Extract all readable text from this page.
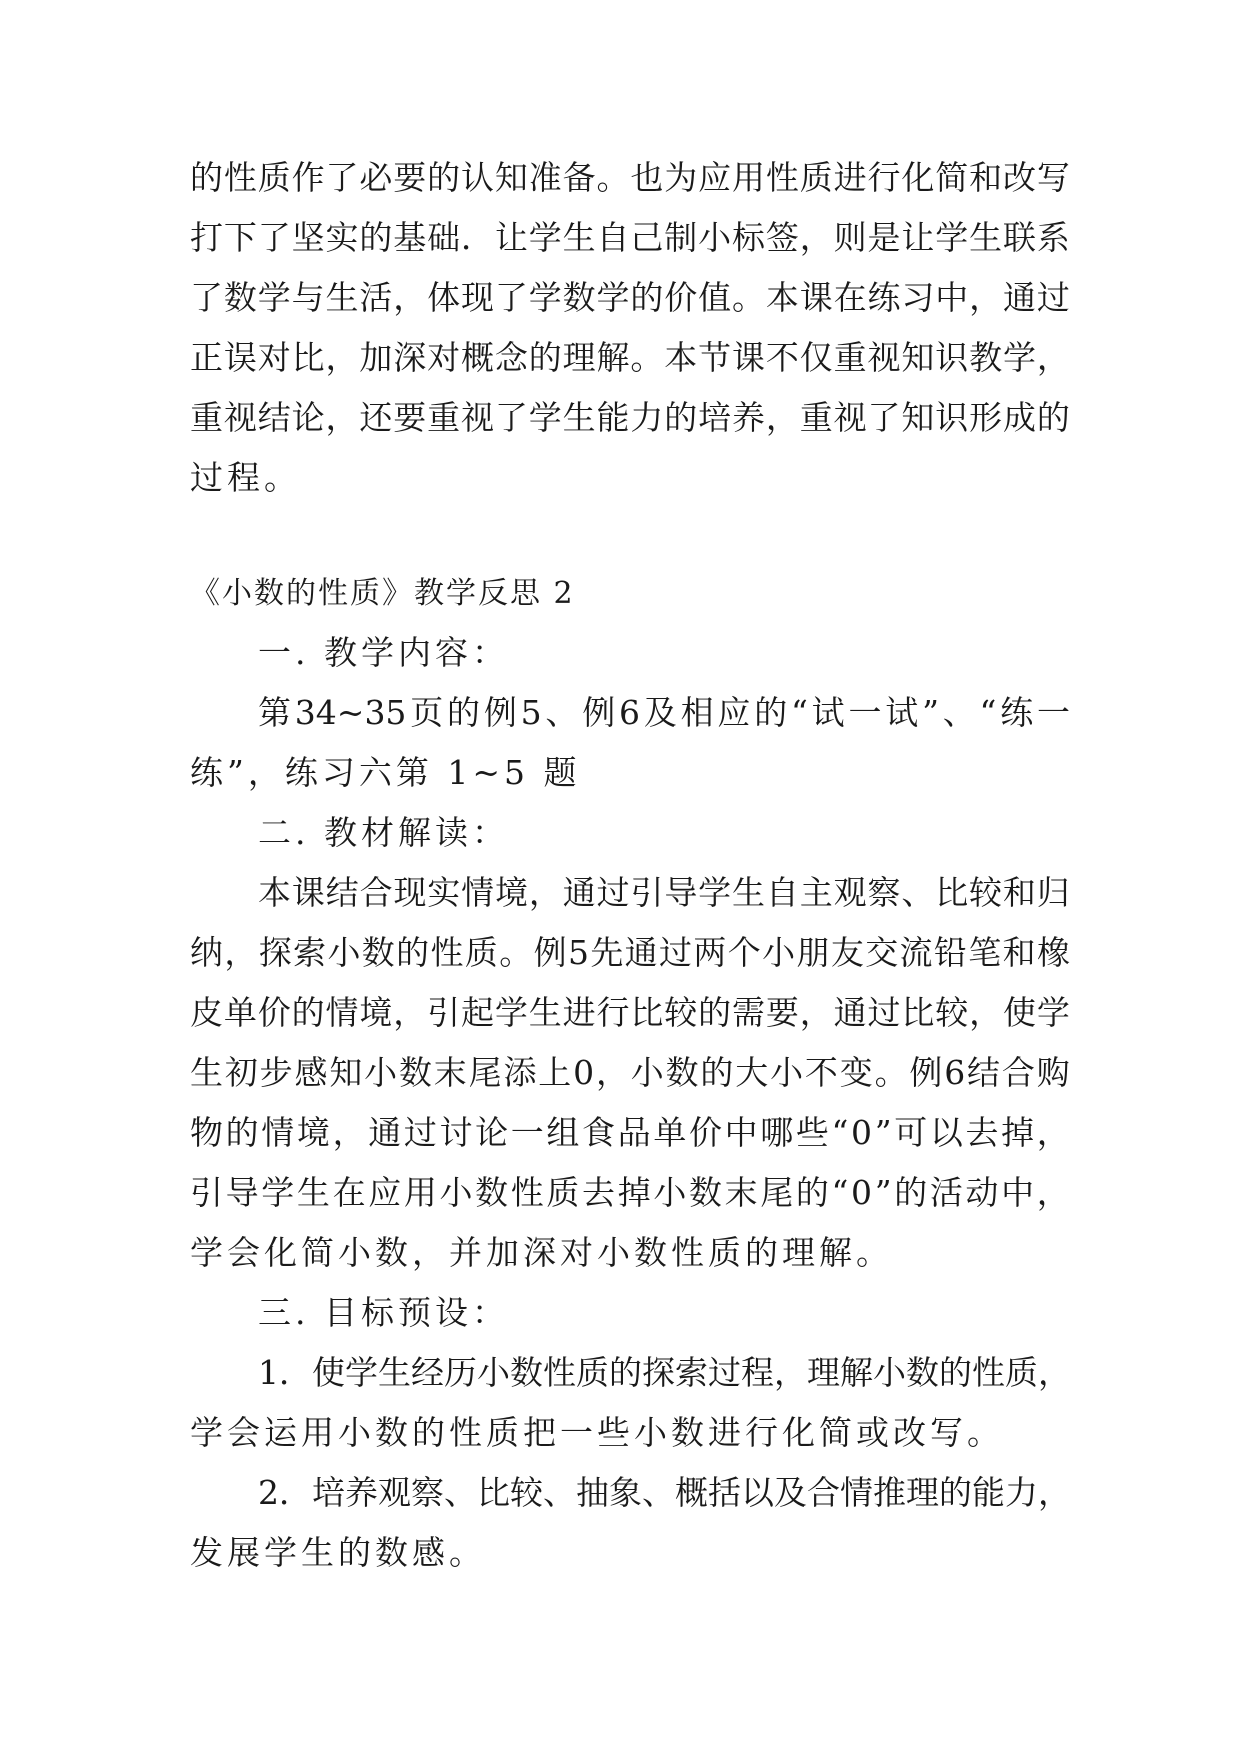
的 性 质 作 了 必 要 的 认 知 准 备 。 也 为 应 用 性 质 进 行 化 简 和 改 写
打 下 了 坚 实 的 基 础 ． 让 学 生 自 己 制 小 标 签 ， 则 是 让 学 生 联 系
了 数 学 与 生 活 ， 体 现 了 学 数 学 的 价 值 。 本 课 在 练 习 中 ， 通 过
正 误 对 比 ， 加 深 对 概 念 的 理 解 。 本 节 课 不 仅 重 视 知 识 教 学 ，
重 视 结 论 ， 还 要 重 视 了 学 生 能 力 的 培 养 ， 重 视 了 知 识 形 成 的
过程。
《小数的性质》教学反思 2
一. 教学内容：
第 34~35 页 的 例 5 、 例 6 及 相 应 的 “ 试 一 试 ” 、 “ 练 一
练”，练习六第 1~5 题
二. 教材解读：
本 课 结 合 现 实 情 境 ， 通 过 引 导 学 生 自 主 观 察 、 比 较 和 归
纳 ， 探 索 小 数 的 性 质 。 例 5 先 通 过 两 个 小 朋 友 交 流 铅 笔 和 橡
皮 单 价 的 情 境 ， 引 起 学 生 进 行 比 较 的 需 要 ， 通 过 比 较 ， 使 学
生 初 步 感 知 小 数 末 尾 添 上 0 ， 小 数 的 大 小 不 变 。 例 6 结 合 购
物 的 情 境 ， 通 过 讨 论 一 组 食 品 单 价 中 哪 些 “ 0 ” 可 以 去 掉 ，
引 导 学 生 在 应 用 小 数 性 质 去 掉 小 数 末 尾 的 “ 0 ” 的 活 动 中 ，
学会化简小数，并加深对小数性质的理解。
三. 目标预设：
1 ． 使 学 生 经 历 小 数 性 质 的 探 索 过 程 ， 理 解 小 数 的 性 质 ，
学会运用小数的性质把一些小数进行化简或改写。
2 ． 培 养 观 察 、 比 较 、 抽 象 、 概 括 以 及 合 情 推 理 的 能 力 ，
发展学生的数感。
